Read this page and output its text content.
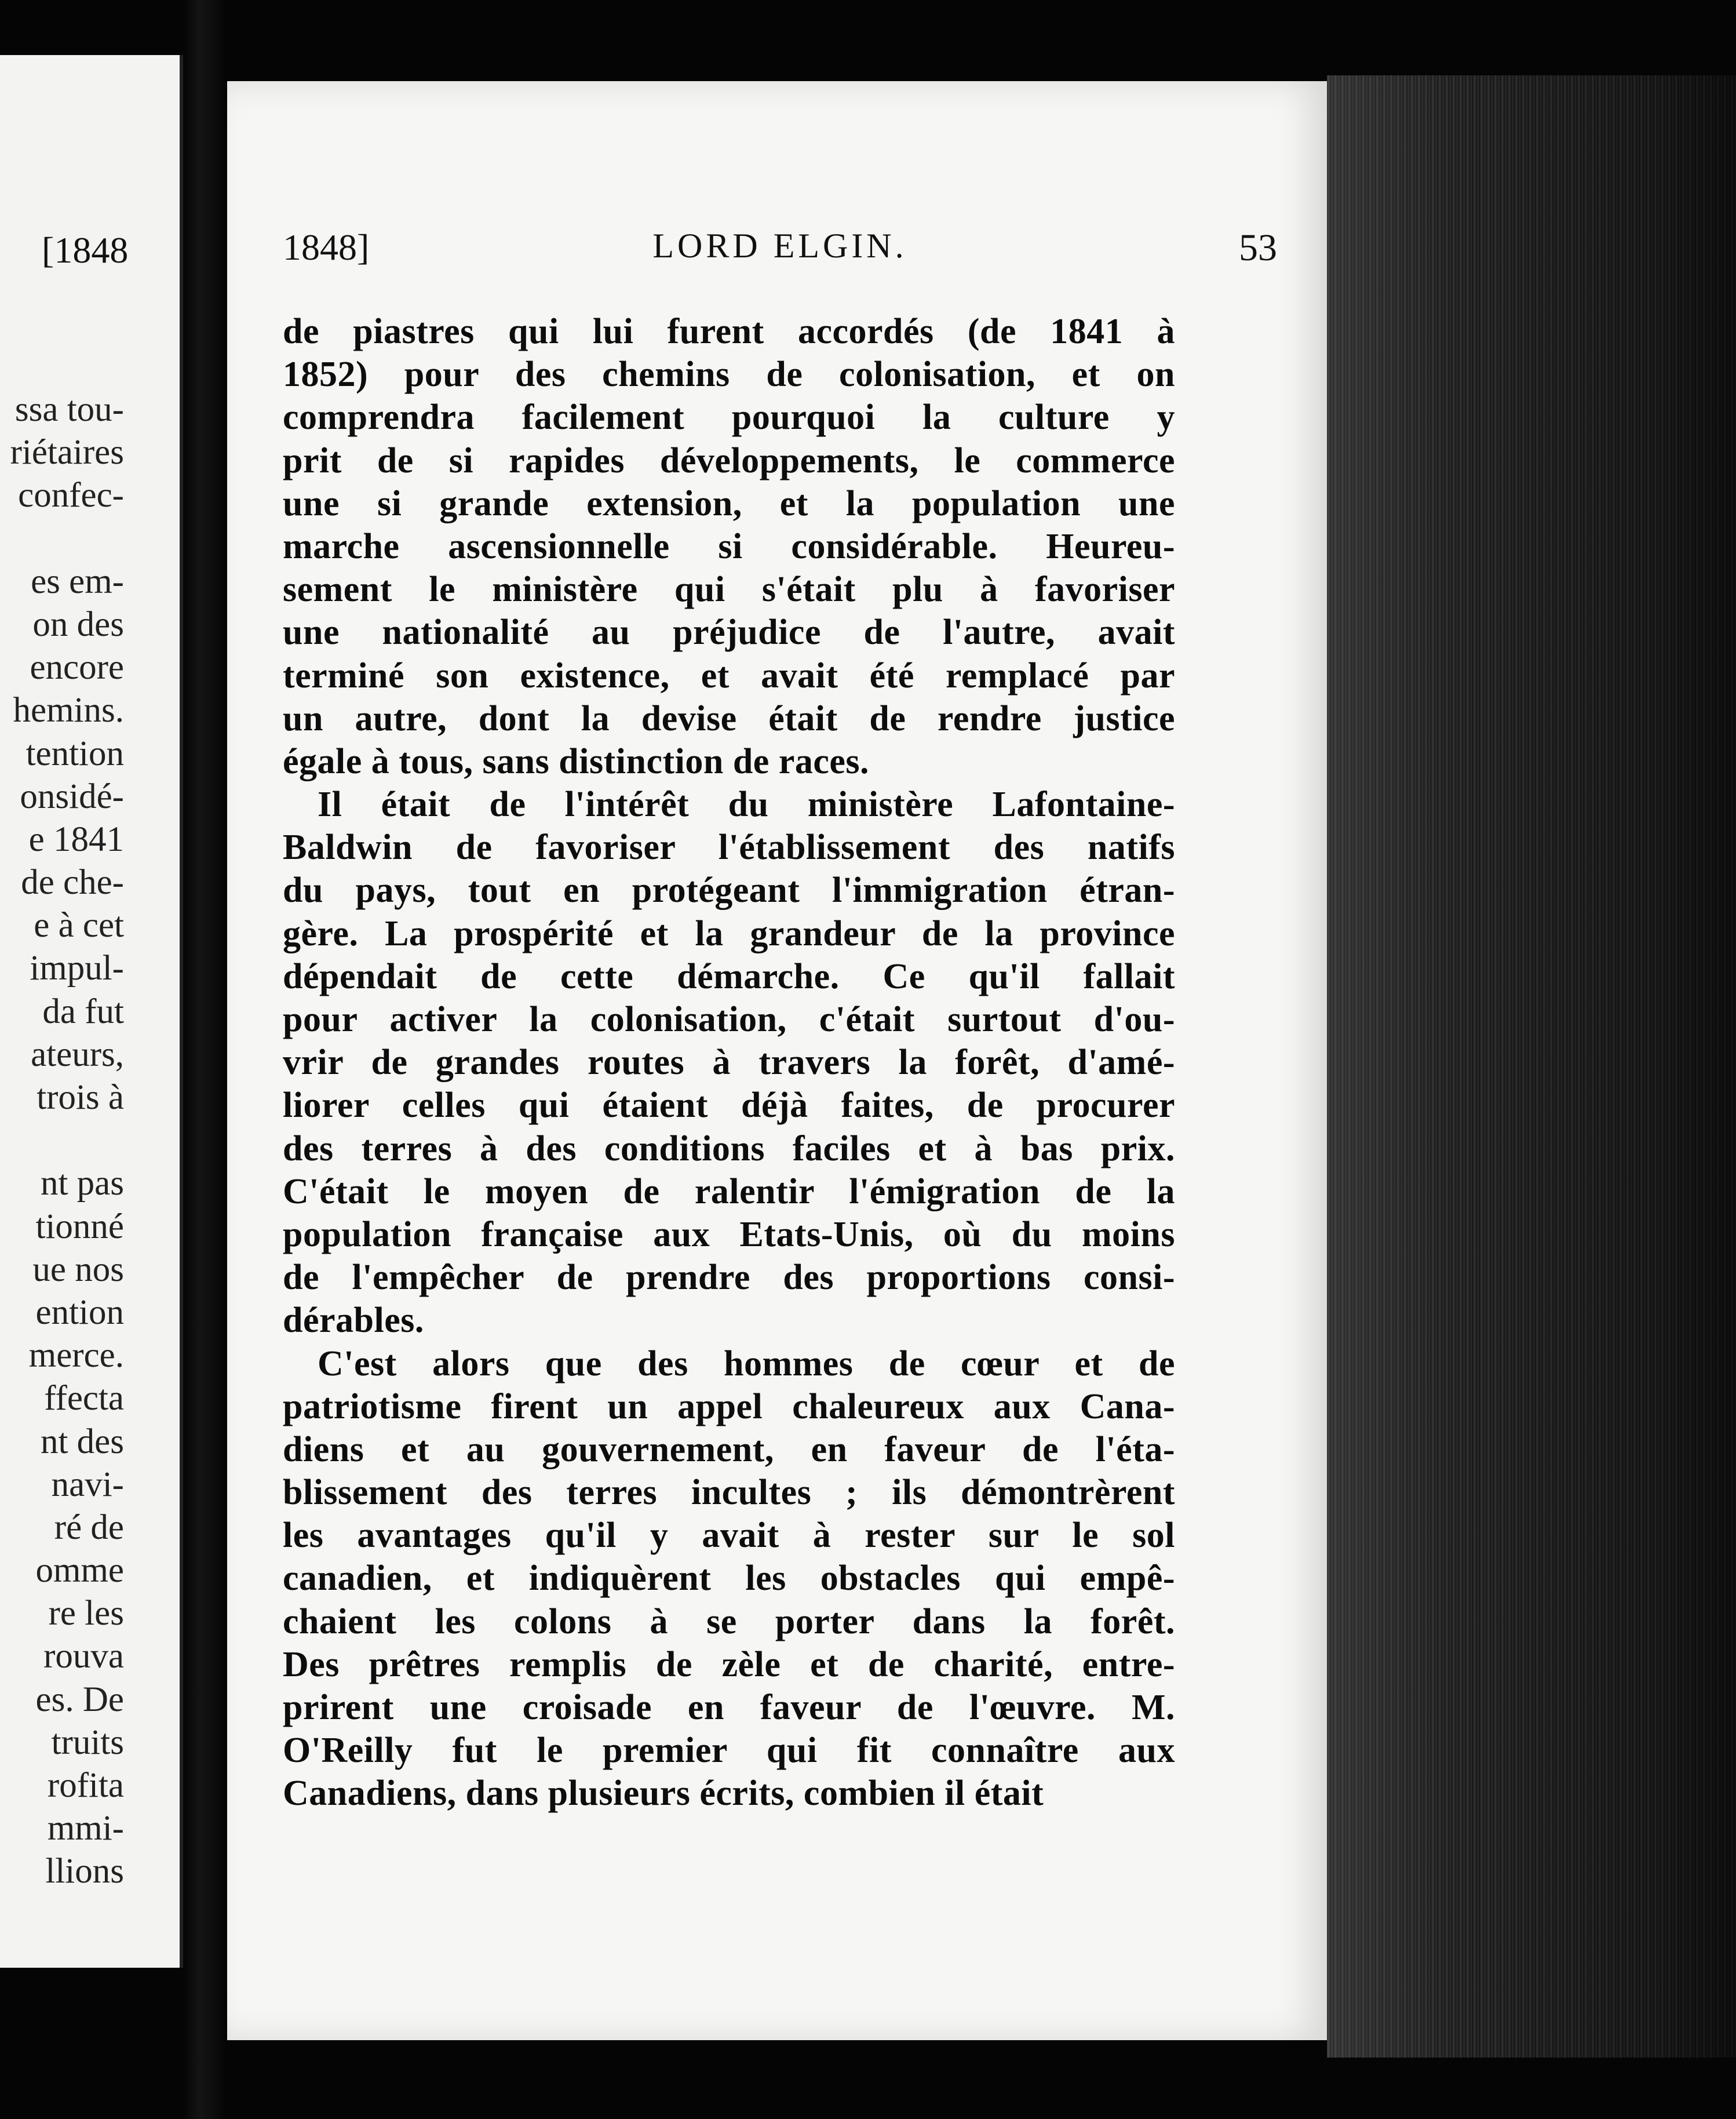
[1848
ssa tou-
riétaires
confec-
es em-
on des
encore
hemins.
tention
onsidé-
e 1841
de che-
e à cet
impul-
da fut
ateurs,
trois à
nt pas
tionné
ue nos
ention
merce.
ffecta
nt des
navi-
ré de
omme
re les
rouva
es. De
truits
rofita
mmi-
llions
1848]	LORD ELGIN.	53
de piastres qui lui furent accordés (de 1841 à
1852) pour des chemins de colonisation, et on
comprendra facilement pourquoi la culture y
prit de si rapides développements, le commerce
une si grande extension, et la population une
marche ascensionnelle si considérable. Heureu-
sement le ministère qui s'était plu à favoriser
une nationalité au préjudice de l'autre, avait
terminé son existence, et avait été remplacé par
un autre, dont la devise était de rendre justice
égale à tous, sans distinction de races.
Il était de l'intérêt du ministère Lafontaine-
Baldwin de favoriser l'établissement des natifs
du pays, tout en protégeant l'immigration étran-
gère. La prospérité et la grandeur de la province
dépendait de cette démarche. Ce qu'il fallait
pour activer la colonisation, c'était surtout d'ou-
vrir de grandes routes à travers la forêt, d'amé-
liorer celles qui étaient déjà faites, de procurer
des terres à des conditions faciles et à bas prix.
C'était le moyen de ralentir l'émigration de la
population française aux Etats-Unis, où du moins
de l'empêcher de prendre des proportions consi-
dérables.
C'est alors que des hommes de cœur et de
patriotisme firent un appel chaleureux aux Cana-
diens et au gouvernement, en faveur de l'éta-
blissement des terres incultes ; ils démontrèrent
les avantages qu'il y avait à rester sur le sol
canadien, et indiquèrent les obstacles qui empê-
chaient les colons à se porter dans la forêt.
Des prêtres remplis de zèle et de charité, entre-
prirent une croisade en faveur de l'œuvre. M.
O'Reilly fut le premier qui fit connaître aux
Canadiens, dans plusieurs écrits, combien il était
